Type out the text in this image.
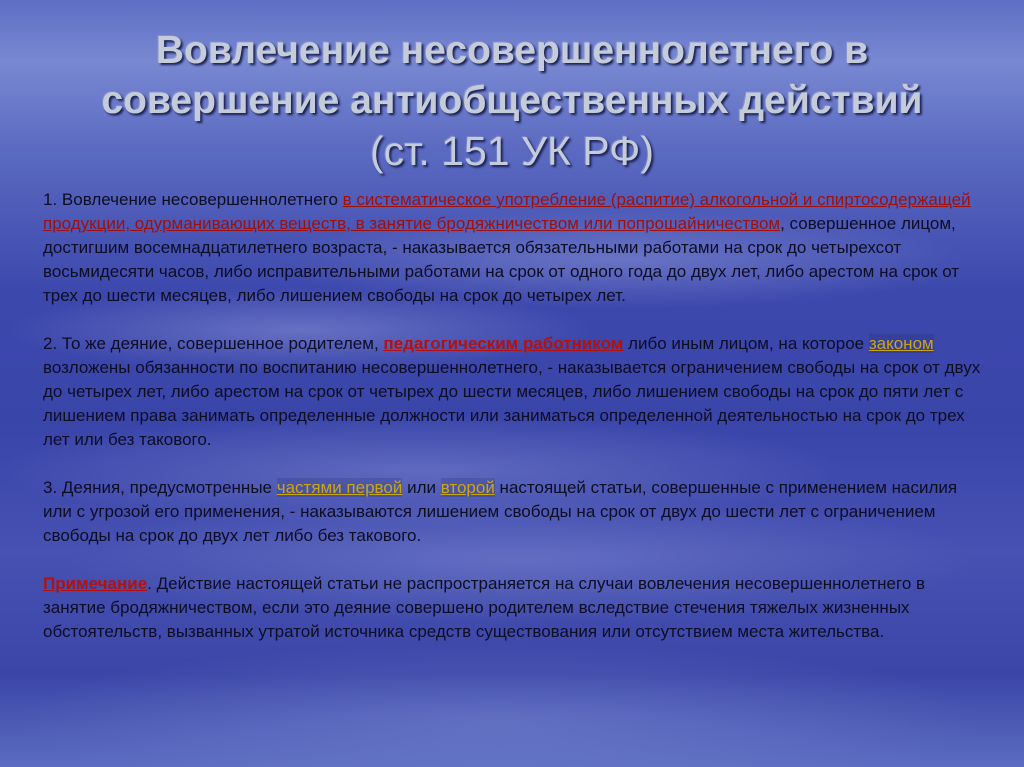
Вовлечение несовершеннолетнего в
совершение антиобщественных действий
(ст. 151 УК РФ)

1. Вовлечение несовершеннолетнего в систематическое употребление (распитие) алкогольной и спиртосодержащей продукции, одурманивающих веществ, в занятие бродяжничеством или попрошайничеством, совершенное лицом, достигшим восемнадцатилетнего возраста, - наказывается обязательными работами на срок до четырехсот восьмидесяти часов, либо исправительными работами на срок от одного года до двух лет, либо арестом на срок от трех до шести месяцев, либо лишением свободы на срок до четырех лет.

2. То же деяние, совершенное родителем, педагогическим работником либо иным лицом, на которое законом возложены обязанности по воспитанию несовершеннолетнего, - наказывается ограничением свободы на срок от двух до четырех лет, либо арестом на срок от четырех до шести месяцев, либо лишением свободы на срок до пяти лет с лишением права занимать определенные должности или заниматься определенной деятельностью на срок до трех лет или без такового.

3. Деяния, предусмотренные частями первой или второй настоящей статьи, совершенные с применением насилия или с угрозой его применения, - наказываются лишением свободы на срок от двух до шести лет с ограничением свободы на срок до двух лет либо без такового.

Примечание. Действие настоящей статьи не распространяется на случаи вовлечения несовершеннолетнего в занятие бродяжничеством, если это деяние совершено родителем вследствие стечения тяжелых жизненных обстоятельств, вызванных утратой источника средств существования или отсутствием места жительства.
